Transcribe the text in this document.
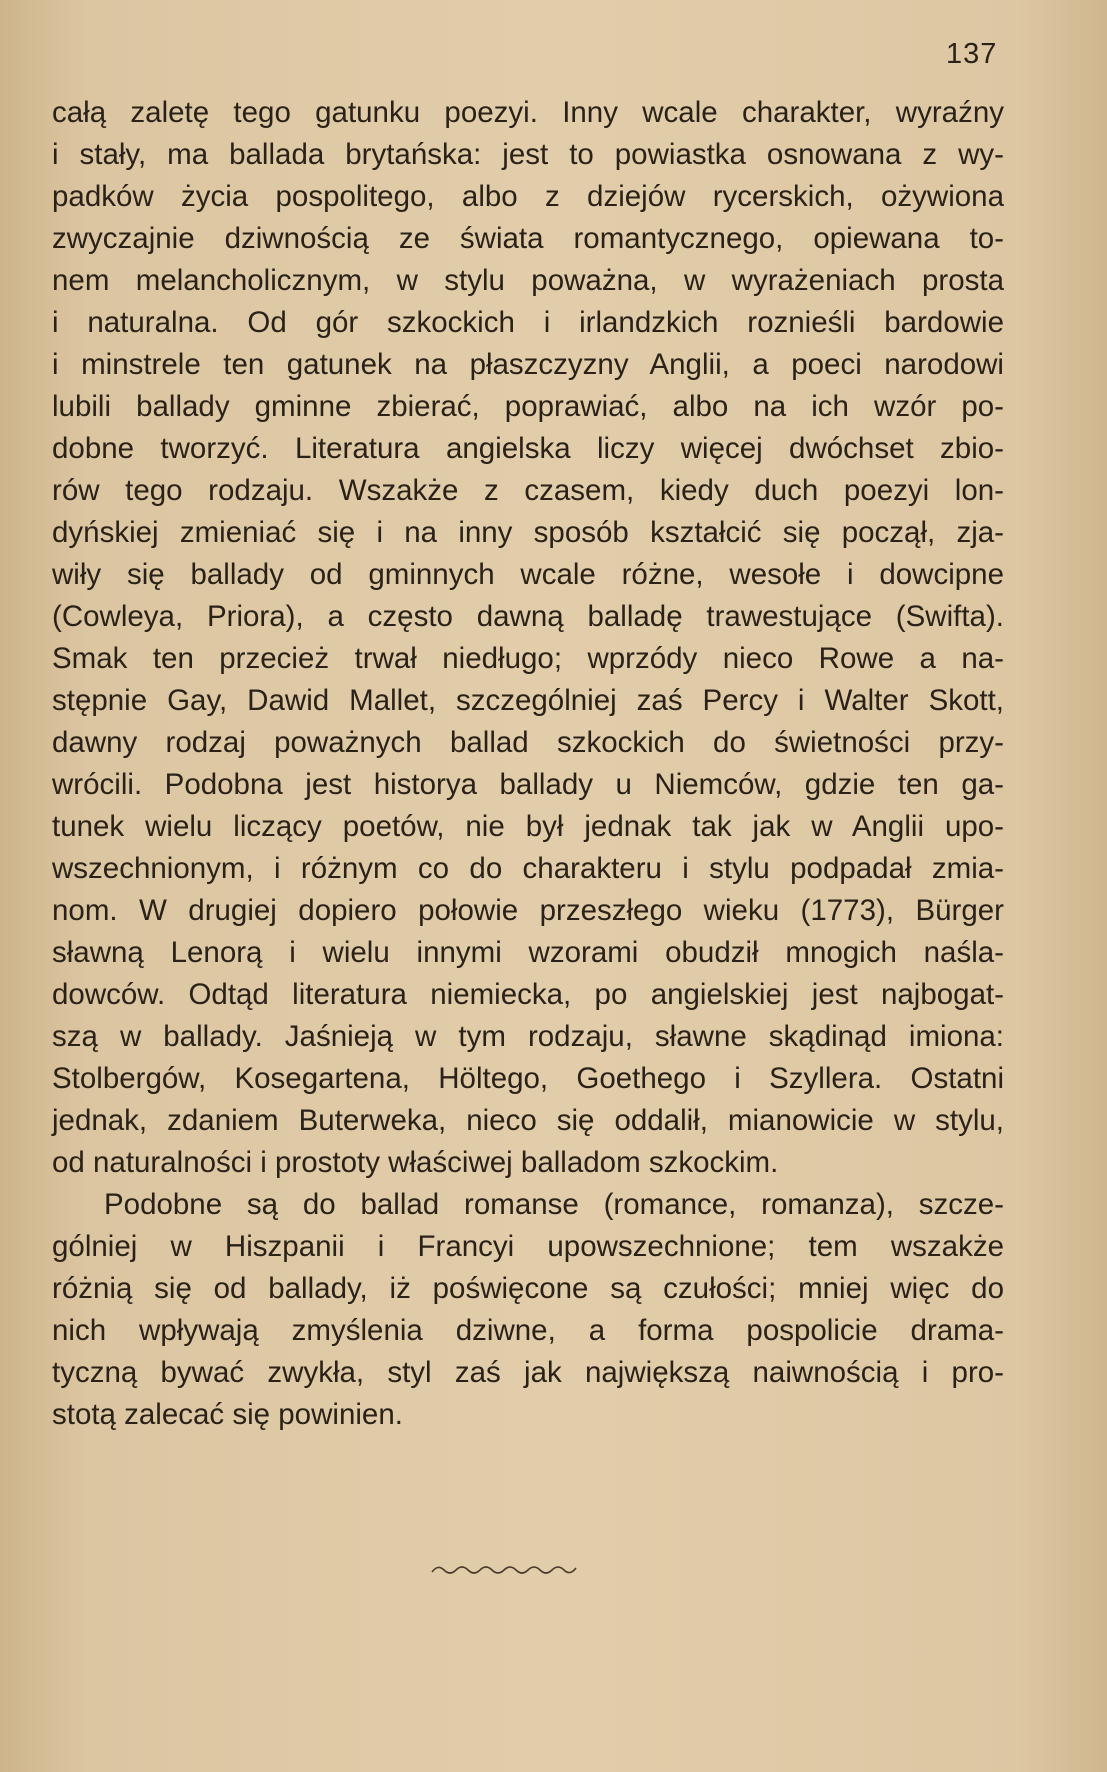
137
całą zaletę tego gatunku poezyi. Inny wcale charakter, wyraźny
i stały, ma ballada brytańska: jest to powiastka osnowana z wy-
padków życia pospolitego, albo z dziejów rycerskich, ożywiona
zwyczajnie dziwnością ze świata romantycznego, opiewana to-
nem melancholicznym, w stylu poważna, w wyrażeniach prosta
i naturalna. Od gór szkockich i irlandzkich roznieśli bardowie
i minstrele ten gatunek na płaszczyzny Anglii, a poeci narodowi
lubili ballady gminne zbierać, poprawiać, albo na ich wzór po-
dobne tworzyć. Literatura angielska liczy więcej dwóchset zbio-
rów tego rodzaju. Wszakże z czasem, kiedy duch poezyi lon-
dyńskiej zmieniać się i na inny sposób kształcić się począł, zja-
wiły się ballady od gminnych wcale różne, wesołe i dowcipne
(Cowleya, Priora), a często dawną balladę trawestujące (Swifta).
Smak ten przecież trwał niedługo; wprzódy nieco Rowe a na-
stępnie Gay, Dawid Mallet, szczególniej zaś Percy i Walter Skott,
dawny rodzaj poważnych ballad szkockich do świetności przy-
wrócili. Podobna jest historya ballady u Niemców, gdzie ten ga-
tunek wielu liczący poetów, nie był jednak tak jak w Anglii upo-
wszechnionym, i różnym co do charakteru i stylu podpadał zmia-
nom. W drugiej dopiero połowie przeszłego wieku (1773), Bürger
sławną Lenorą i wielu innymi wzorami obudził mnogich naśla-
dowców. Odtąd literatura niemiecka, po angielskiej jest najbogat-
szą w ballady. Jaśnieją w tym rodzaju, sławne skądinąd imiona:
Stolbergów, Kosegartena, Höltego, Goethego i Szyllera. Ostatni
jednak, zdaniem Buterweka, nieco się oddalił, mianowicie w stylu,
od naturalności i prostoty właściwej balladom szkockim.
Podobne są do ballad romanse (romance, romanza), szcze-
gólniej w Hiszpanii i Francyi upowszechnione; tem wszakże
różnią się od ballady, iż poświęcone są czułości; mniej więc do
nich wpływają zmyślenia dziwne, a forma pospolicie drama-
tyczną bywać zwykła, styl zaś jak największą naiwnością i pro-
stotą zalecać się powinien.
